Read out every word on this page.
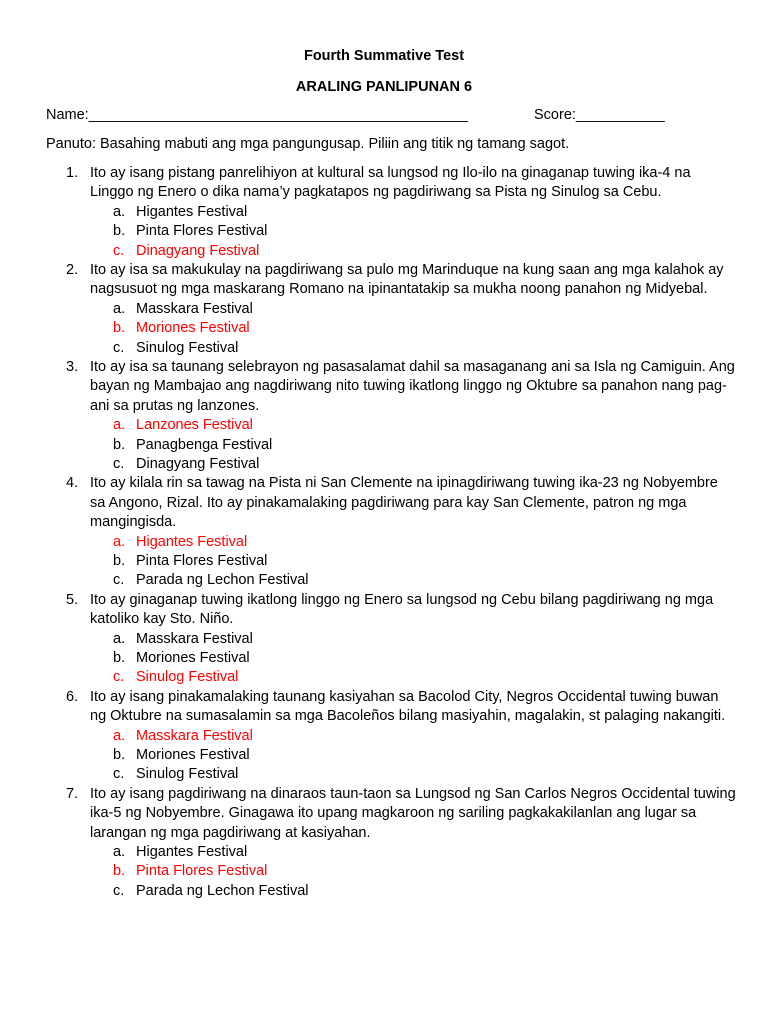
Fourth Summative Test
ARALING PANLIPUNAN 6
Name:_______________________________________________	Score:___________
Panuto: Basahing mabuti ang mga pangungusap. Piliin ang titik ng tamang sagot.
1. Ito ay isang pistang panrelihiyon at kultural sa lungsod ng Ilo-ilo na ginaganap tuwing ika-4 na Linggo ng Enero o dika nama’y pagkatapos ng pagdiriwang sa Pista ng Sinulog sa Cebu.

a. Higantes Festival
b. Pinta Flores Festival
c. Dinagyang Festival
2. Ito ay isa sa makukulay na pagdiriwang sa pulo mg Marinduque na kung saan ang mga kalahok ay nagsusuot ng mga maskarang Romano na ipinantatakip sa mukha noong panahon ng Midyebal.

a. Masskara Festival
b. Moriones Festival
c. Sinulog Festival
3. Ito ay isa sa taunang selebrayon ng pasasalamat dahil sa masaganang ani sa Isla ng Camiguin. Ang bayan ng Mambajao ang nagdiriwang nito tuwing ikatlong linggo ng Oktubre sa panahon nang pag-ani sa prutas ng lanzones.

a. Lanzones Festival
b. Panagbenga Festival
c. Dinagyang Festival
4. Ito ay kilala rin sa tawag na Pista ni San Clemente na ipinagdiriwang tuwing ika-23 ng Nobyembre sa Angono, Rizal. Ito ay pinakamalaking pagdiriwang para kay San Clemente, patron ng mga mangingisda.

a. Higantes Festival
b. Pinta Flores Festival
c. Parada ng Lechon Festival
5. Ito ay ginaganap tuwing ikatlong linggo ng Enero sa lungsod ng Cebu bilang pagdiriwang ng mga katoliko kay Sto. Niño.

a. Masskara Festival
b. Moriones Festival
c. Sinulog Festival
6. Ito ay isang pinakamalaking taunang kasiyahan sa Bacolod City, Negros Occidental tuwing buwan ng Oktubre na sumasalamin sa mga Bacoleños bilang masiyahin, magalakin, st palaging nakangiti.

a. Masskara Festival
b. Moriones Festival
c. Sinulog Festival
7. Ito ay isang pagdiriwang na dinaraos taun-taon sa Lungsod ng San Carlos Negros Occidental tuwing ika-5 ng Nobyembre. Ginagawa ito upang magkaroon ng sariling pagkakakilanlan ang lugar sa larangan ng mga pagdiriwang at kasiyahan.

a. Higantes Festival
b. Pinta Flores Festival
c. Parada ng Lechon Festival
